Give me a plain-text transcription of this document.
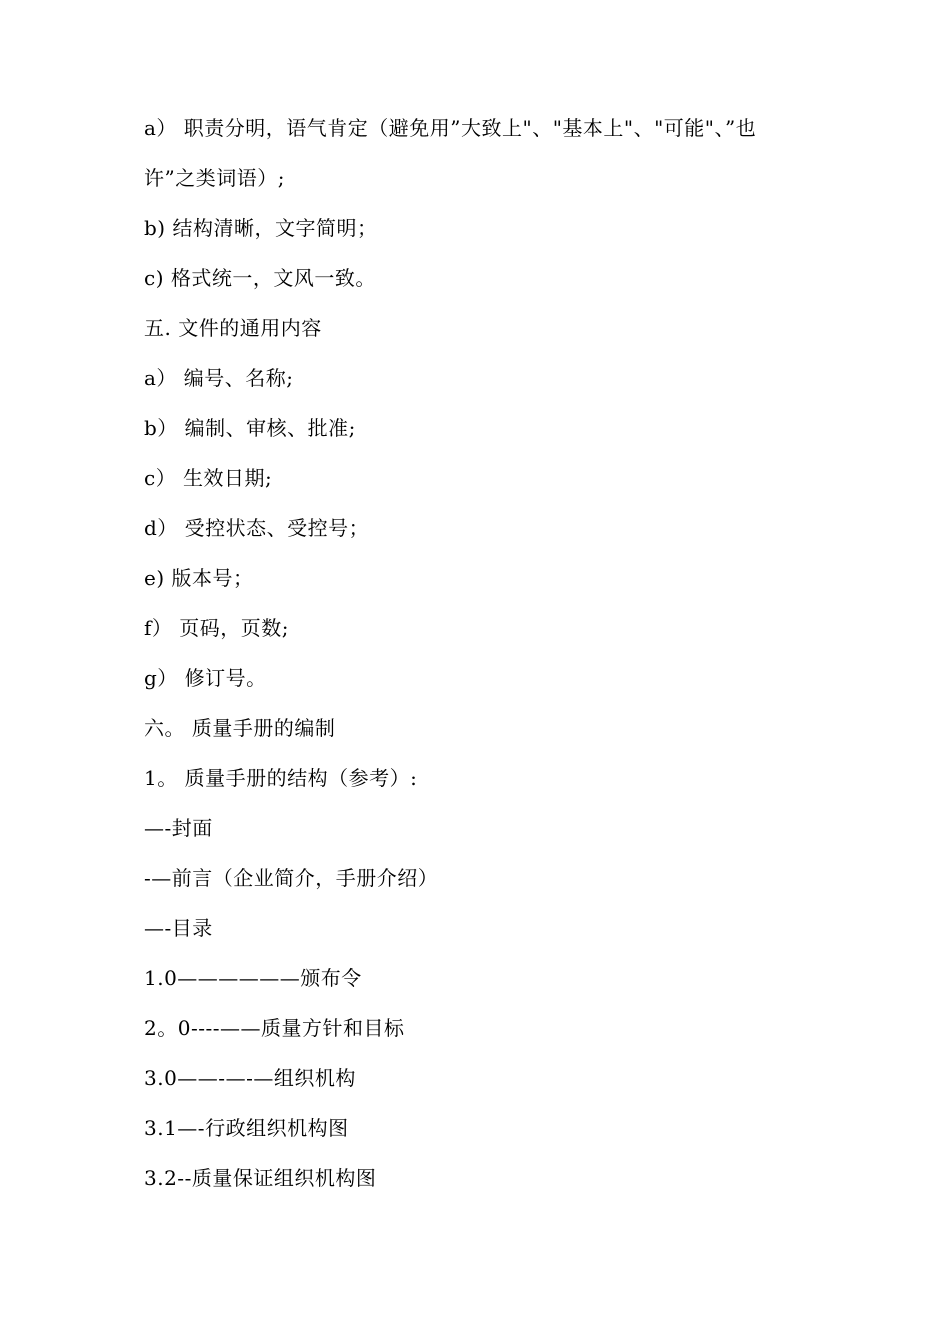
a） 职责分明，语气肯定（避免用”大致上"、"基本上"、"可能"、”也
许”之类词语）;
b) 结构清晰，文字简明；
c) 格式统一，文风一致。
五. 文件的通用内容
a） 编号、名称;
b） 编制、审核、批准;
c） 生效日期;
d） 受控状态、受控号；
e) 版本号；
f） 页码，页数;
g） 修订号。
六。 质量手册的编制
1。 质量手册的结构（参考）:
—-封面
-—前言（企业简介，手册介绍）
—-目录
1.0——————颁布令
2。0----——质量方针和目标
3.0——-—-—组织机构
3.1—-行政组织机构图
3.2--质量保证组织机构图
